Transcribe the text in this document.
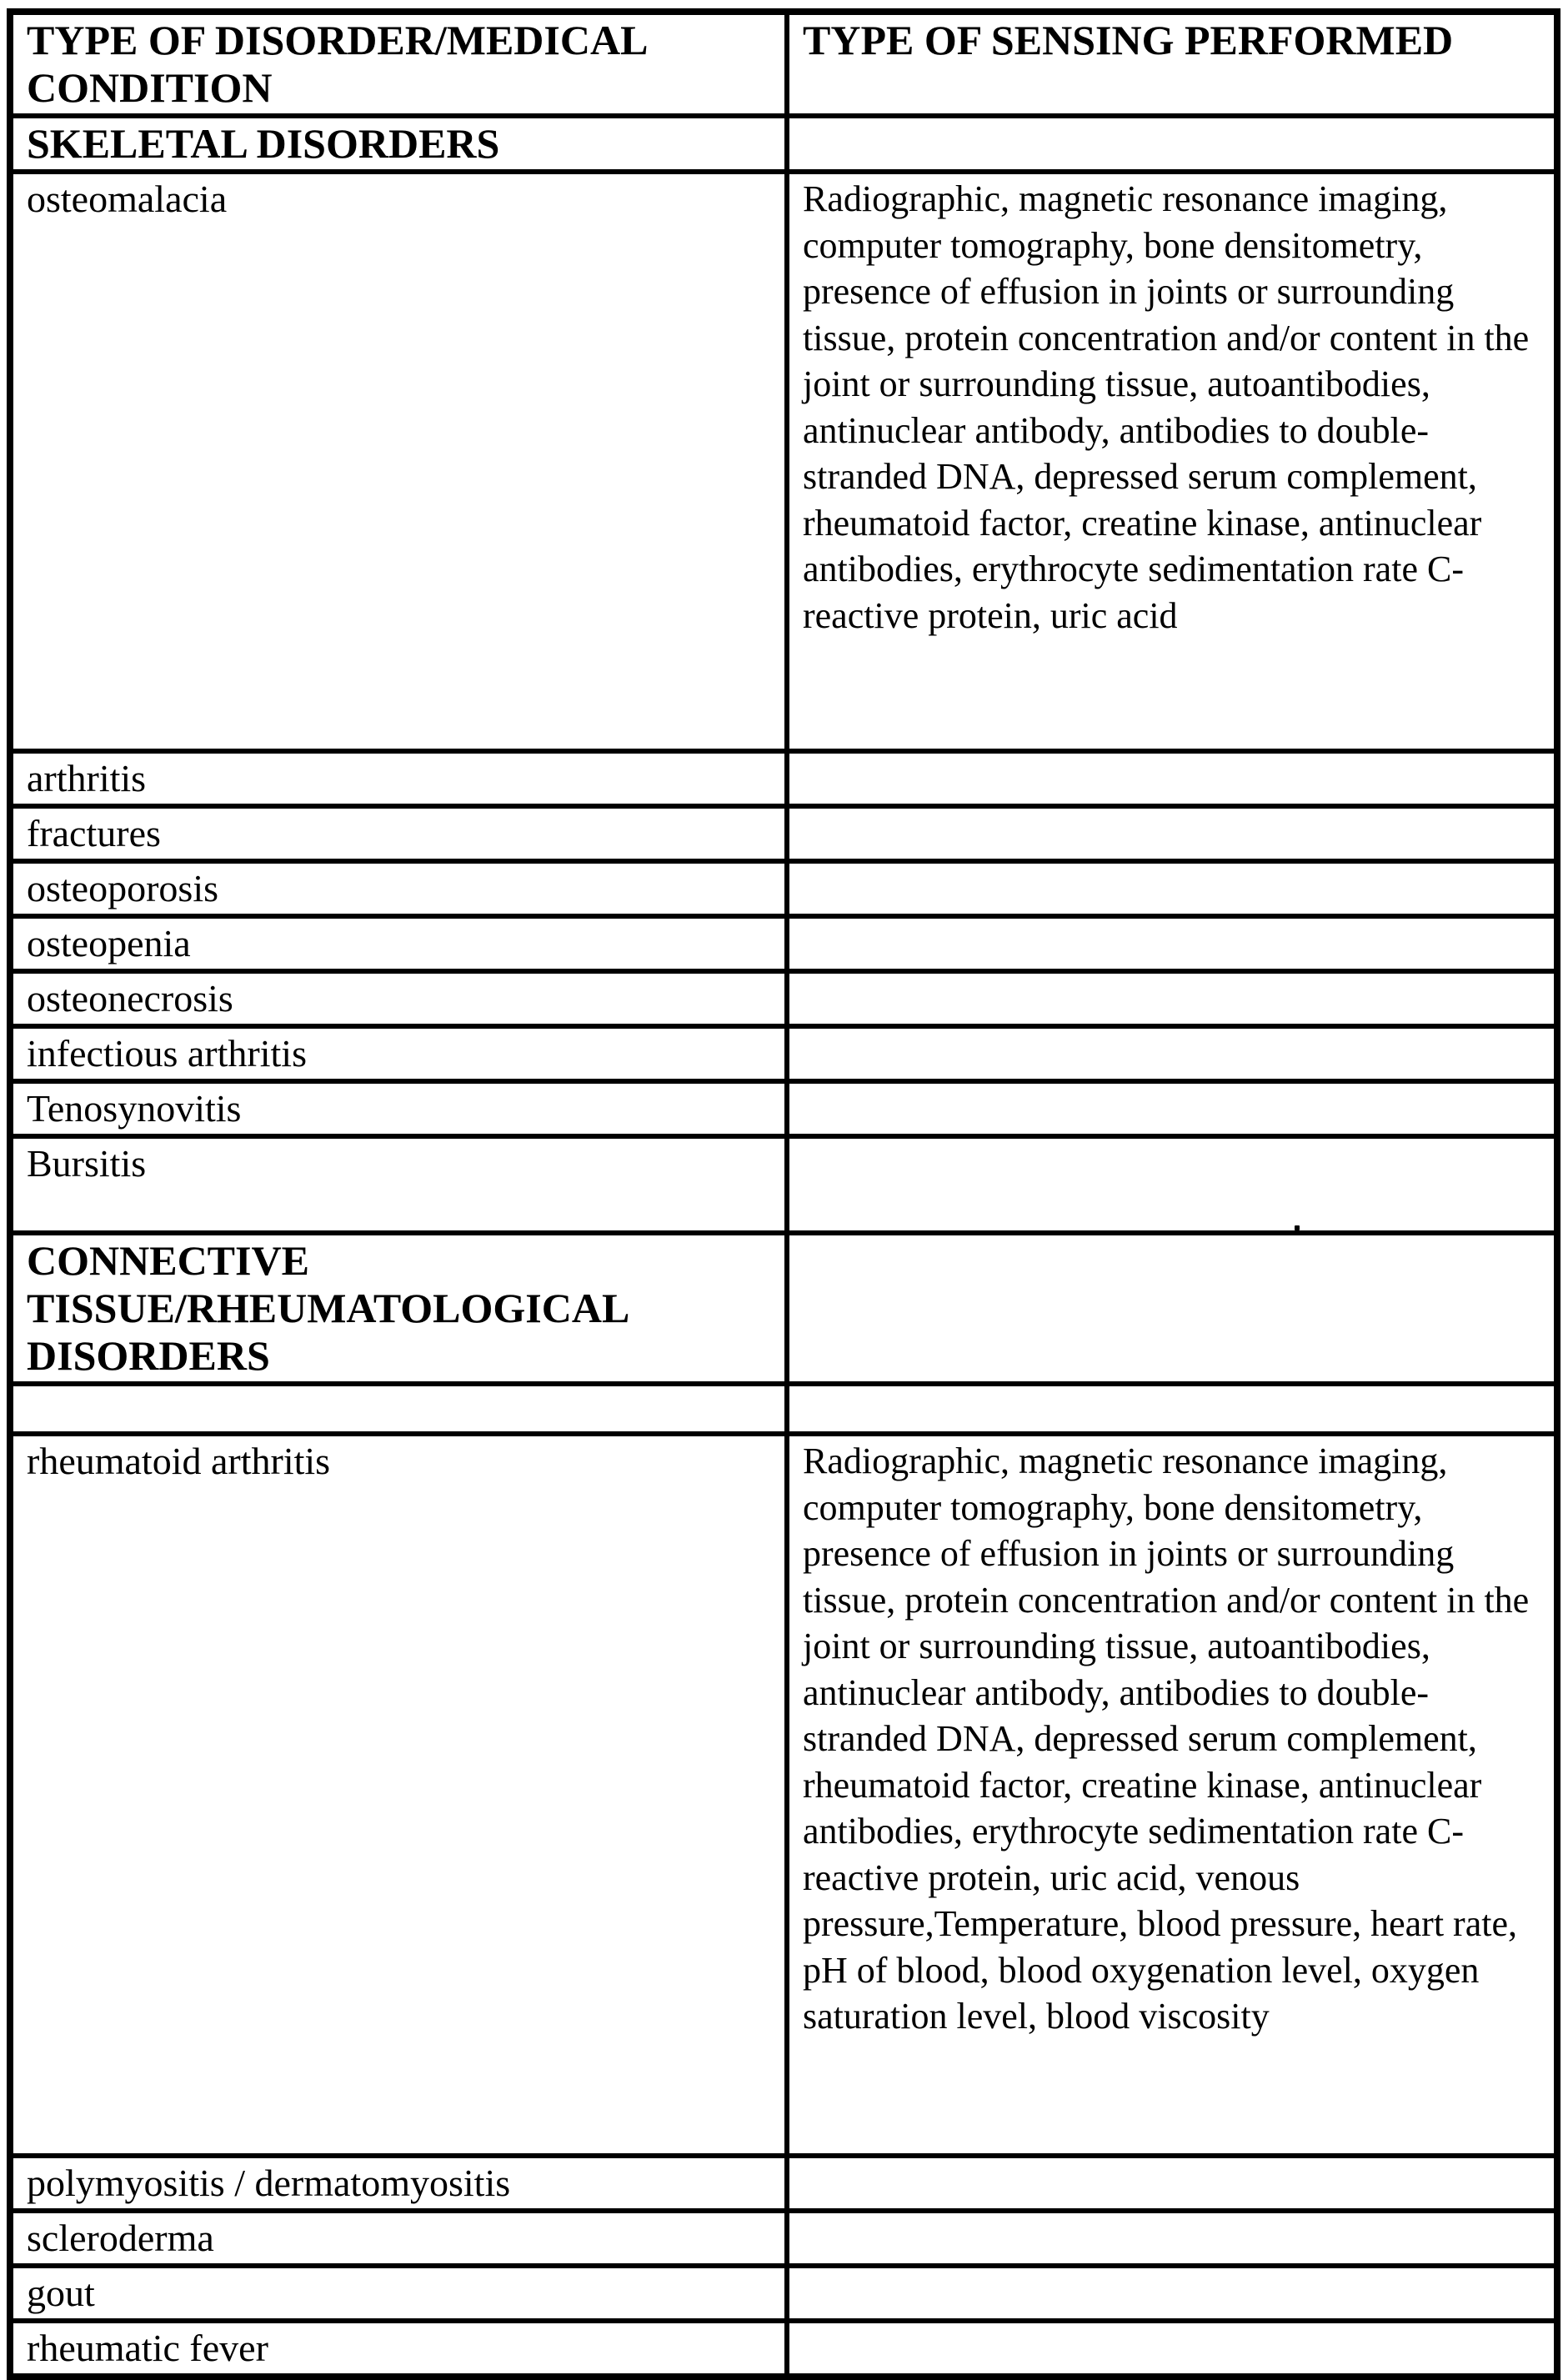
TYPE OF DISORDER/MEDICAL
CONDITION	TYPE OF SENSING PERFORMED
SKELETAL DISORDERS	
osteomalacia	Radiographic, magnetic resonance imaging, computer tomography, bone densitometry, presence of effusion in joints or surrounding tissue, protein concentration and/or content in the joint or surrounding tissue, autoantibodies, antinuclear antibody, antibodies to double-stranded DNA, depressed serum complement, rheumatoid factor, creatine kinase, antinuclear antibodies, erythrocyte sedimentation rate C-reactive protein, uric acid
arthritis	
fractures	
osteoporosis	
osteopenia	
osteonecrosis	
infectious arthritis	
Tenosynovitis	
Bursitis	
CONNECTIVE
TISSUE/RHEUMATOLOGICAL
DISORDERS	

rheumatoid arthritis	Radiographic, magnetic resonance imaging, computer tomography, bone densitometry, presence of effusion in joints or surrounding tissue, protein concentration and/or content in the joint or surrounding tissue, autoantibodies, antinuclear antibody, antibodies to double-stranded DNA, depressed serum complement, rheumatoid factor, creatine kinase, antinuclear antibodies, erythrocyte sedimentation rate C-reactive protein, uric acid, venous pressure,Temperature, blood pressure, heart rate, pH of blood, blood oxygenation level, oxygen saturation level, blood viscosity
polymyositis / dermatomyositis	
scleroderma	
gout	
rheumatic fever	
